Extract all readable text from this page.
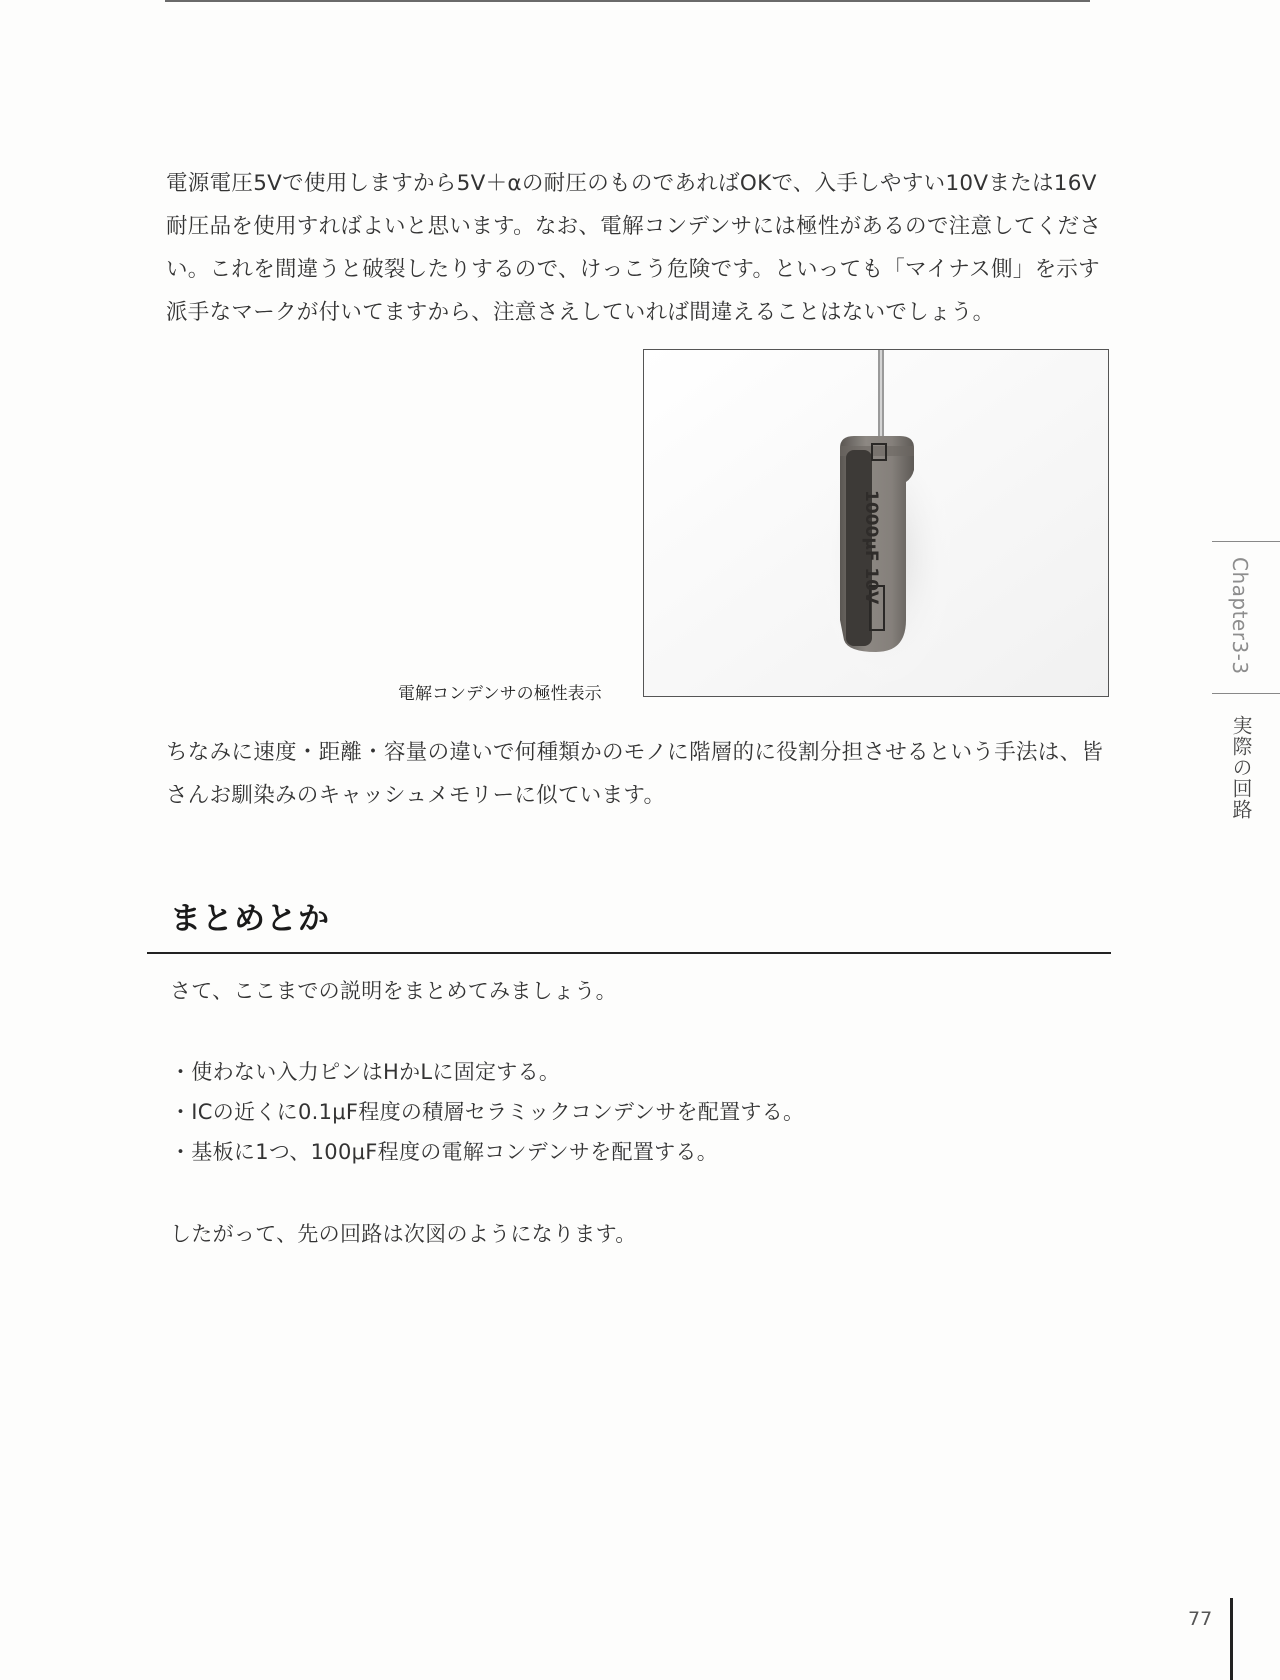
電源電圧5Vで使用しますから5V＋αの耐圧のものであればOKで、入手しやすい10Vまたは16V耐圧品を使用すればよいと思います。なお、電解コンデンサには極性があるので注意してください。これを間違うと破裂したりするので、けっこう危険です。といっても「マイナス側」を示す派手なマークが付いてますから、注意さえしていれば間違えることはないでしょう。

1000μF 10V

電解コンデンサの極性表示

ちなみに速度・距離・容量の違いで何種類かのモノに階層的に役割分担させるという手法は、皆さんお馴染みのキャッシュメモリーに似ています。

まとめとか

さて、ここまでの説明をまとめてみましょう。

・使わない入力ピンはHかLに固定する。
・ICの近くに0.1μF程度の積層セラミックコンデンサを配置する。
・基板に1つ、100μF程度の電解コンデンサを配置する。

したがって、先の回路は次図のようになります。

Chapter3-3

実際の回路

77
